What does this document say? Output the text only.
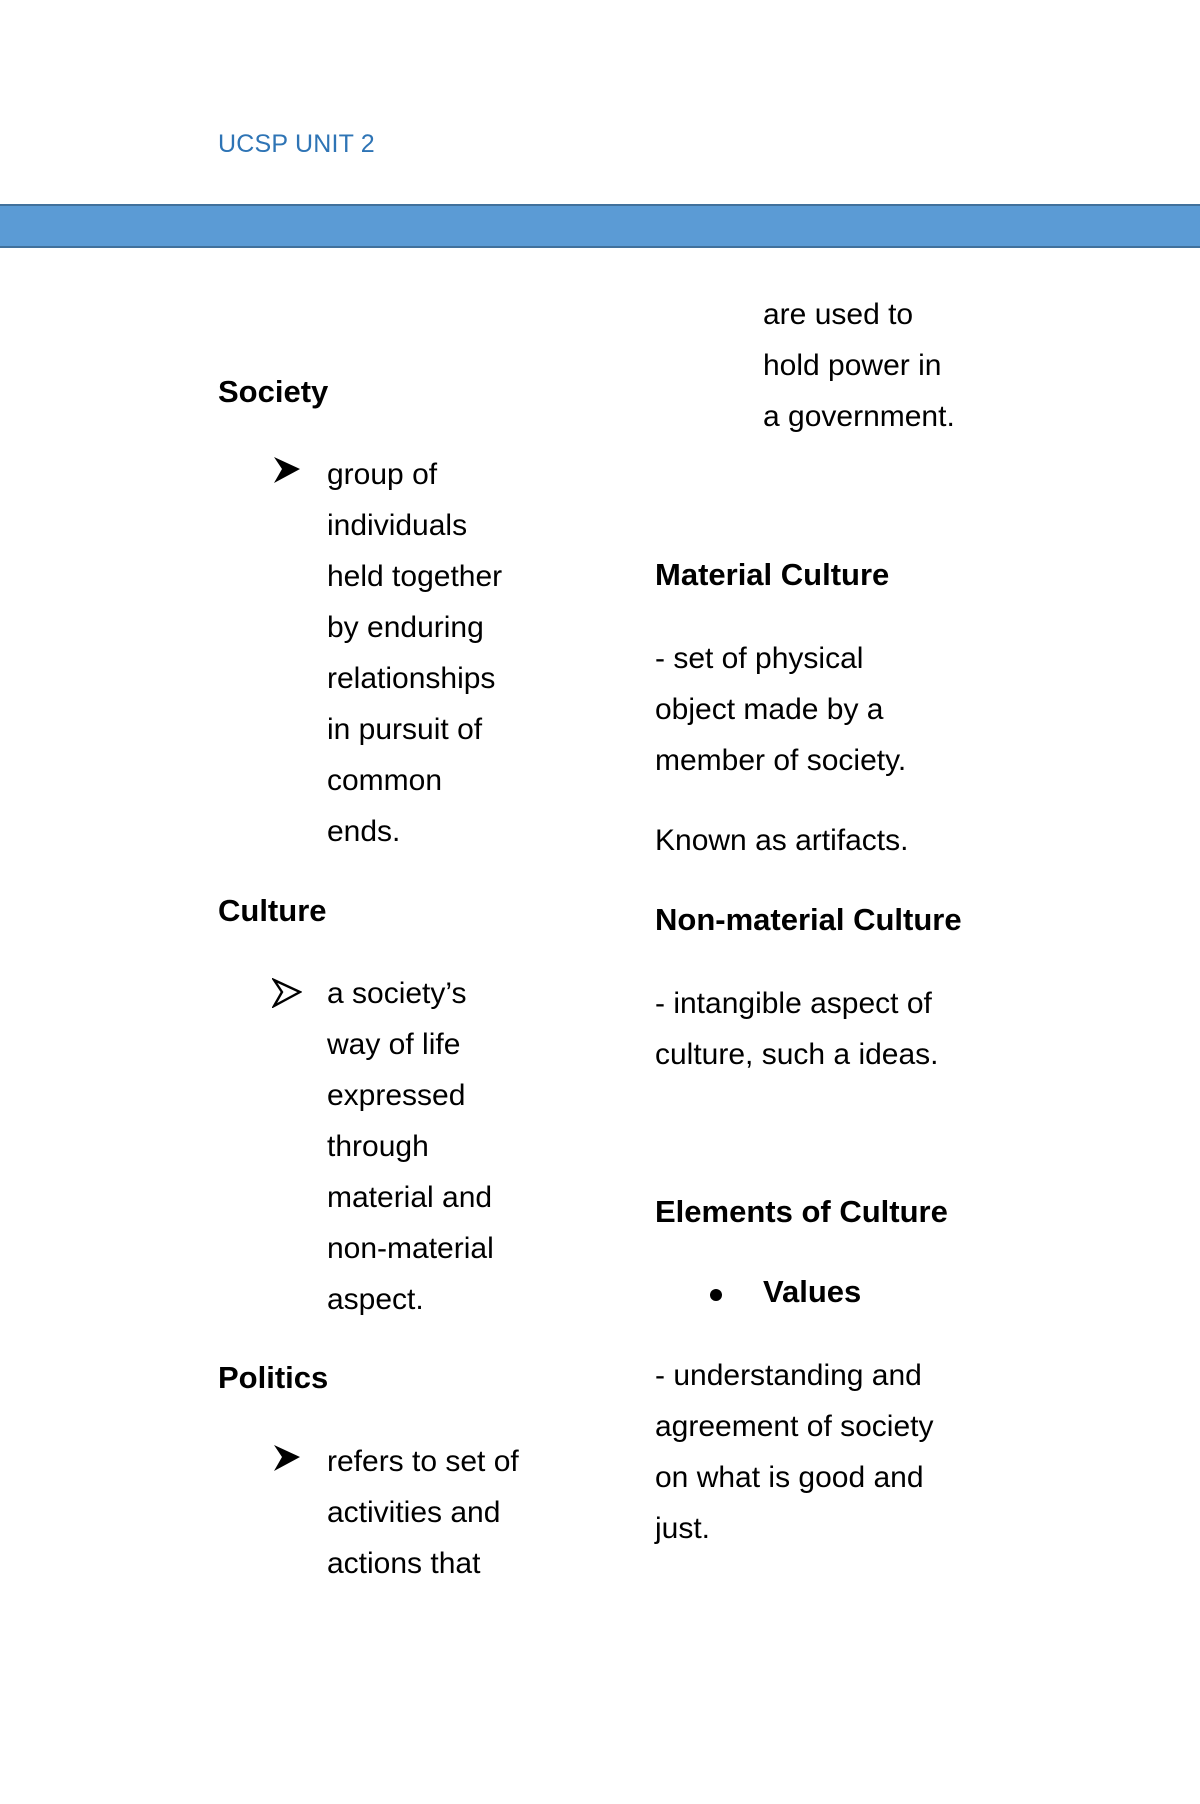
UCSP UNIT 2
Society
group of
individuals
held together
by enduring
relationships
in pursuit of
common
ends.
Culture
a society’s
way of life
expressed
through
material and
non-material
aspect.
Politics
refers to set of
activities and
actions that
are used to
hold power in
a government.
Material Culture
- set of physical
object made by a
member of society.
Known as artifacts.
Non-material Culture
- intangible aspect of
culture, such a ideas.
Elements of Culture
Values
- understanding and
agreement of society
on what is good and
just.
